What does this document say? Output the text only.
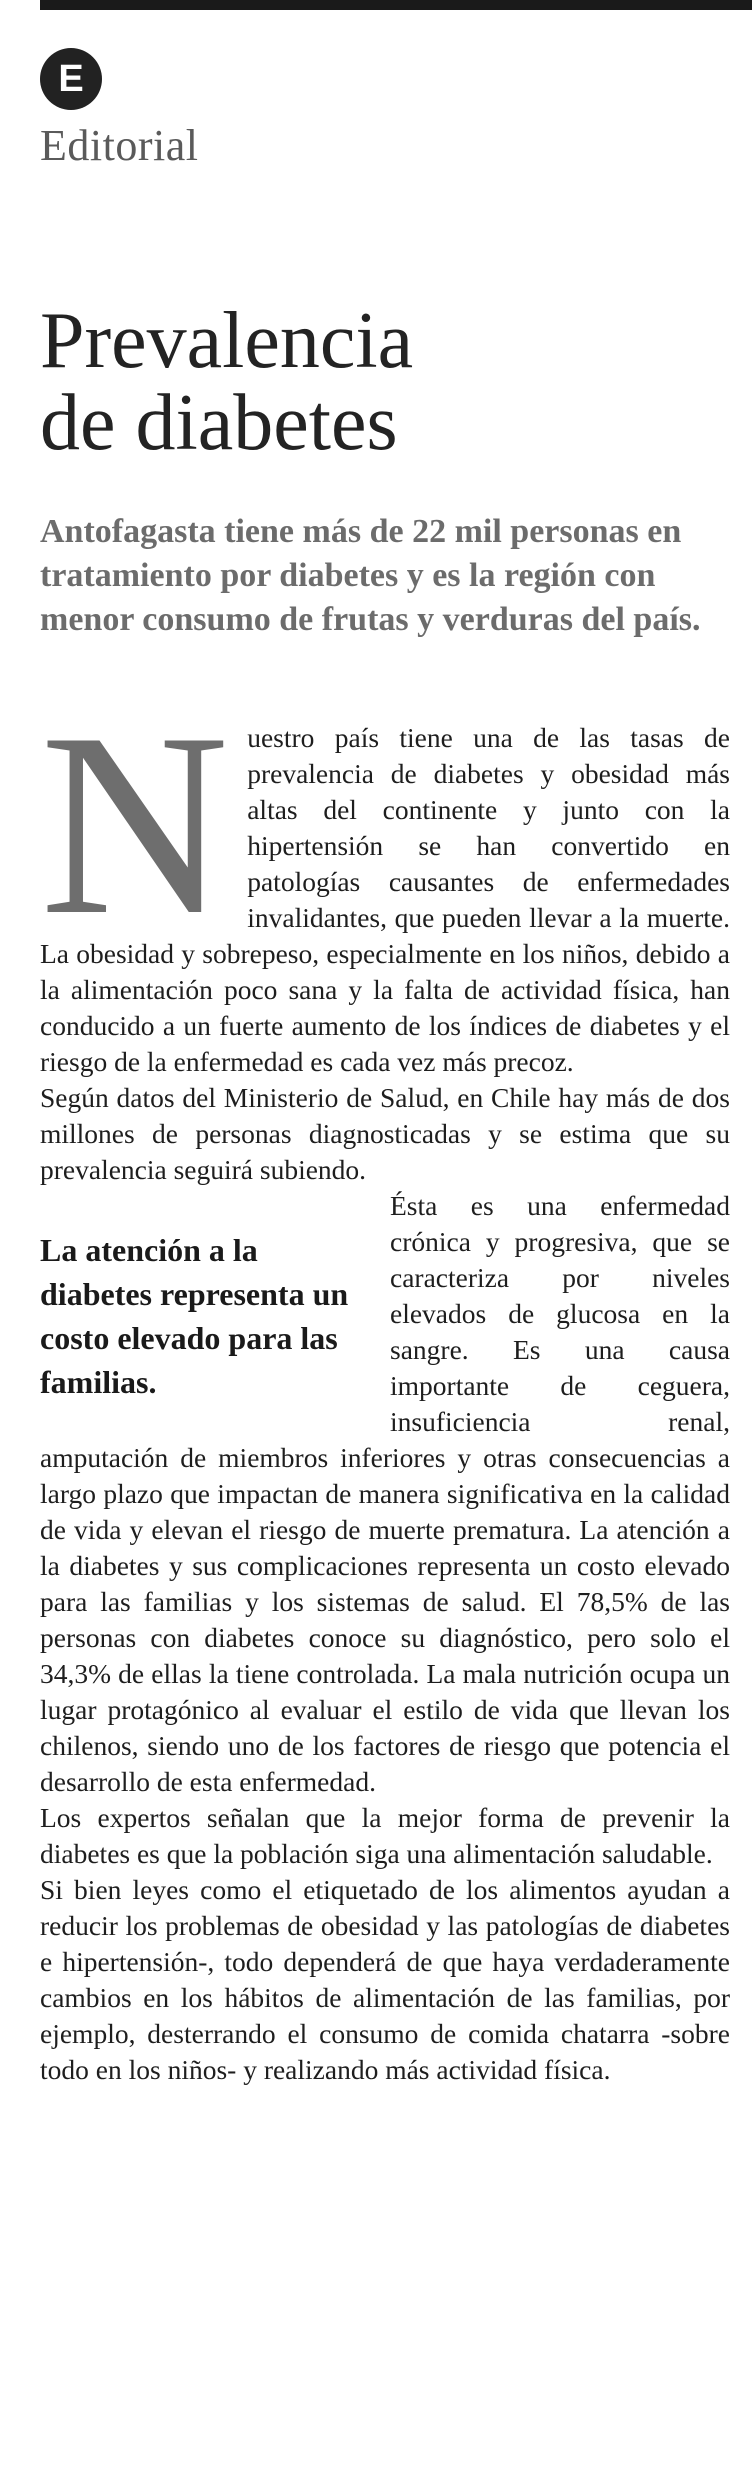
E
Editorial
Prevalencia
de diabetes

Antofagasta tiene más de 22 mil personas en tratamiento por diabetes y es la región con menor consumo de frutas y verduras del país.

N uestro país tiene una de las tasas de prevalencia de diabetes y obesidad más altas del continente y junto con la hipertensión se han convertido en patologías causantes de enfermedades invalidantes, que pueden llevar a la muerte. La obesidad y sobrepeso, especialmente en los niños, debido a la alimentación poco sana y la falta de actividad física, han conducido a un fuerte aumento de los índices de diabetes y el riesgo de la enfermedad es cada vez más precoz.

Según datos del Ministerio de Salud, en Chile hay más de dos millones de personas diagnosticadas y se estima que su prevalencia seguirá subiendo.

La atención a la diabetes representa un costo elevado para las familias.

Ésta es una enfermedad crónica y progresiva, que se caracteriza por niveles elevados de glucosa en la sangre. Es una causa importante de ceguera, insuficiencia renal, amputación de miembros inferiores y otras consecuencias a largo plazo que impactan de manera significativa en la calidad de vida y elevan el riesgo de muerte prematura. La atención a la diabetes y sus complicaciones representa un costo elevado para las familias y los sistemas de salud. El 78,5% de las personas con diabetes conoce su diagnóstico, pero solo el 34,3% de ellas la tiene controlada. La mala nutrición ocupa un lugar protagónico al evaluar el estilo de vida que llevan los chilenos, siendo uno de los factores de riesgo que potencia el desarrollo de esta enfermedad.

Los expertos señalan que la mejor forma de prevenir la diabetes es que la población siga una alimentación saludable.

Si bien leyes como el etiquetado de los alimentos ayudan a reducir los problemas de obesidad y las patologías de diabetes e hipertensión-, todo dependerá de que haya verdaderamente cambios en los hábitos de alimentación de las familias, por ejemplo, desterrando el consumo de comida chatarra -sobre todo en los niños- y realizando más actividad física.
